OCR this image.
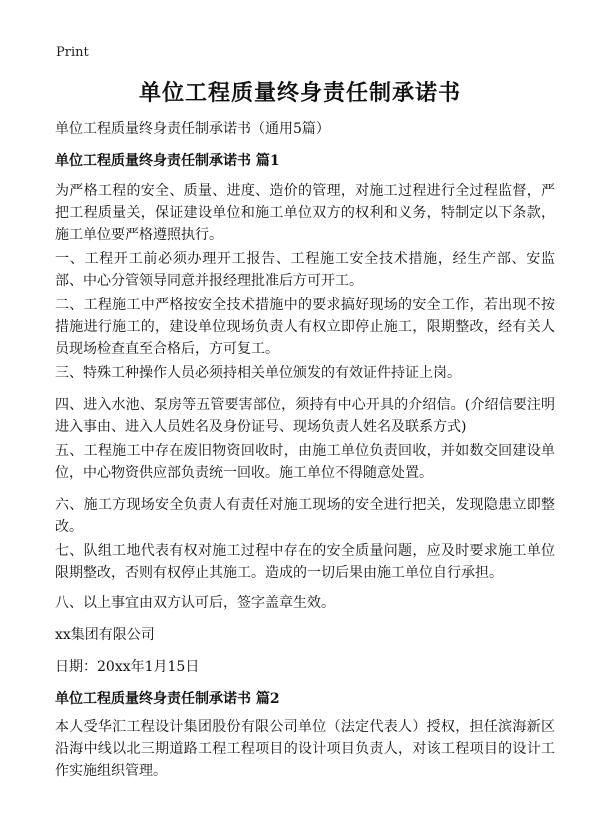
Print
单位工程质量终身责任制承诺书
单位工程质量终身责任制承诺书（通用5篇）
单位工程质量终身责任制承诺书 篇1
为严格工程的安全、质量、进度、造价的管理，对施工过程进行全过程监督，严把工程质量关，保证建设单位和施工单位双方的权利和义务，特制定以下条款，施工单位要严格遵照执行。
一、工程开工前必须办理开工报告、工程施工安全技术措施，经生产部、安监部、中心分管领导同意并报经理批准后方可开工。
二、工程施工中严格按安全技术措施中的要求搞好现场的安全工作，若出现不按措施进行施工的，建设单位现场负责人有权立即停止施工，限期整改，经有关人员现场检查直至合格后，方可复工。
三、特殊工种操作人员必须持相关单位颁发的有效证件持证上岗。
四、进入水池、泵房等五管要害部位，须持有中心开具的介绍信。(介绍信要注明进入事由、进入人员姓名及身份证号、现场负责人姓名及联系方式)
五、工程施工中存在废旧物资回收时，由施工单位负责回收，并如数交回建设单位，中心物资供应部负责统一回收。施工单位不得随意处置。
六、施工方现场安全负责人有责任对施工现场的安全进行把关，发现隐患立即整改。
七、队组工地代表有权对施工过程中存在的安全质量问题，应及时要求施工单位限期整改，否则有权停止其施工。造成的一切后果由施工单位自行承担。
八、以上事宜由双方认可后，签字盖章生效。
xx集团有限公司
日期：20xx年1月15日
单位工程质量终身责任制承诺书 篇2
本人受华汇工程设计集团股份有限公司单位（法定代表人）授权，担任滨海新区沿海中线以北三期道路工程工程项目的设计项目负责人，对该工程项目的设计工作实施组织管理。
